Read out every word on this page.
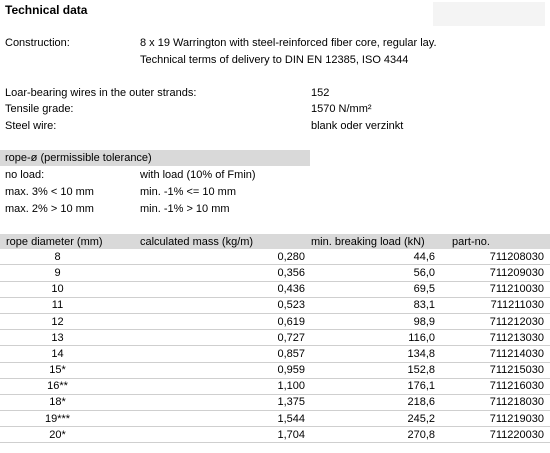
Technical data
Construction:	8 x 19 Warrington with steel-reinforced fiber core, regular lay.
Technical terms of delivery to DIN EN 12385, ISO 4344
Loar-bearing wires in the outer strands:	152
Tensile grade:	1570 N/mm²
Steel wire:	blank oder verzinkt
rope-ø (permissible tolerance)
no load:	with load (10% of Fmin)
max. 3% < 10 mm	min. -1% <= 10 mm
max. 2% > 10 mm	min. -1% > 10 mm
rope diameter (mm)	calculated mass (kg/m)	min. breaking load (kN)	part-no.
8	0,280	44,6	711208030
9	0,356	56,0	711209030
10	0,436	69,5	711210030
11	0,523	83,1	711211030
12	0,619	98,9	711212030
13	0,727	116,0	711213030
14	0,857	134,8	711214030
15*	0,959	152,8	711215030
16**	1,100	176,1	711216030
18*	1,375	218,6	711218030
19***	1,544	245,2	711219030
20*	1,704	270,8	711220030
